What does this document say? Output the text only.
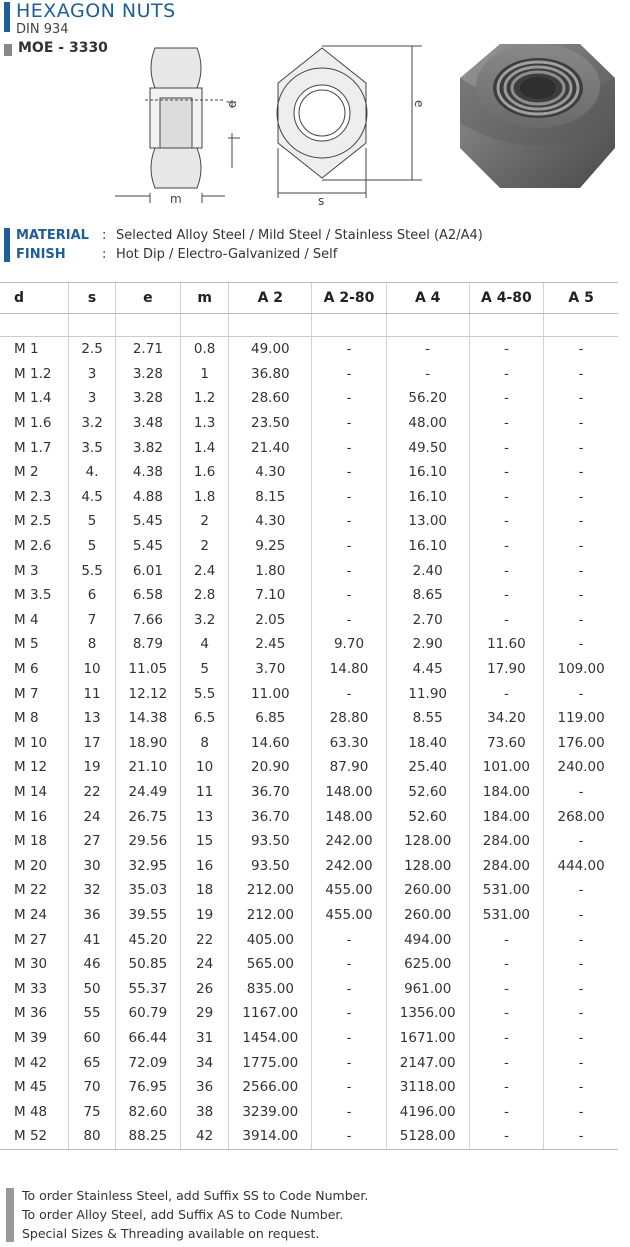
HEXAGON NUTS
DIN 934
MOE - 3330
d
m	s
e
MATERIAL : Selected Alloy Steel / Mild Steel / Stainless Steel (A2/A4)
FINISH	: Hot Dip / Electro-Galvanized / Self
d	s	e	m	A 2	A 2-80	A 4	A 4-80	A 5

M 1	2.5	2.71	0.8	49.00	-	-	-	-
M 1.2	3	3.28	1	36.80	-	-	-	-
M 1.4	3	3.28	1.2	28.60	-	56.20	-	-
M 1.6	3.2	3.48	1.3	23.50	-	48.00	-	-
M 1.7	3.5	3.82	1.4	21.40	-	49.50	-	-
M 2	4.	4.38	1.6	4.30	-	16.10	-	-
M 2.3	4.5	4.88	1.8	8.15	-	16.10	-	-
M 2.5	5	5.45	2	4.30	-	13.00	-	-
M 2.6	5	5.45	2	9.25	-	16.10	-	-
M 3	5.5	6.01	2.4	1.80	-	2.40	-	-
M 3.5	6	6.58	2.8	7.10	-	8.65	-	-
M 4	7	7.66	3.2	2.05	-	2.70	-	-
M 5	8	8.79	4	2.45	9.70	2.90	11.60	-
M 6	10	11.05	5	3.70	14.80	4.45	17.90	109.00
M 7	11	12.12	5.5	11.00	-	11.90	-	-
M 8	13	14.38	6.5	6.85	28.80	8.55	34.20	119.00
M 10	17	18.90	8	14.60	63.30	18.40	73.60	176.00
M 12	19	21.10	10	20.90	87.90	25.40	101.00	240.00
M 14	22	24.49	11	36.70	148.00	52.60	184.00	-
M 16	24	26.75	13	36.70	148.00	52.60	184.00	268.00
M 18	27	29.56	15	93.50	242.00	128.00	284.00	-
M 20	30	32.95	16	93.50	242.00	128.00	284.00	444.00
M 22	32	35.03	18	212.00	455.00	260.00	531.00	-
M 24	36	39.55	19	212.00	455.00	260.00	531.00	-
M 27	41	45.20	22	405.00	-	494.00	-	-
M 30	46	50.85	24	565.00	-	625.00	-	-
M 33	50	55.37	26	835.00	-	961.00	-	-
M 36	55	60.79	29	1167.00	-	1356.00	-	-
M 39	60	66.44	31	1454.00	-	1671.00	-	-
M 42	65	72.09	34	1775.00	-	2147.00	-	-
M 45	70	76.95	36	2566.00	-	3118.00	-	-
M 48	75	82.60	38	3239.00	-	4196.00	-	-
M 52	80	88.25	42	3914.00	-	5128.00	-	-
To order Stainless Steel, add Suffix SS to Code Number.
To order Alloy Steel, add Suffix AS to Code Number.
Special Sizes & Threading available on request.
